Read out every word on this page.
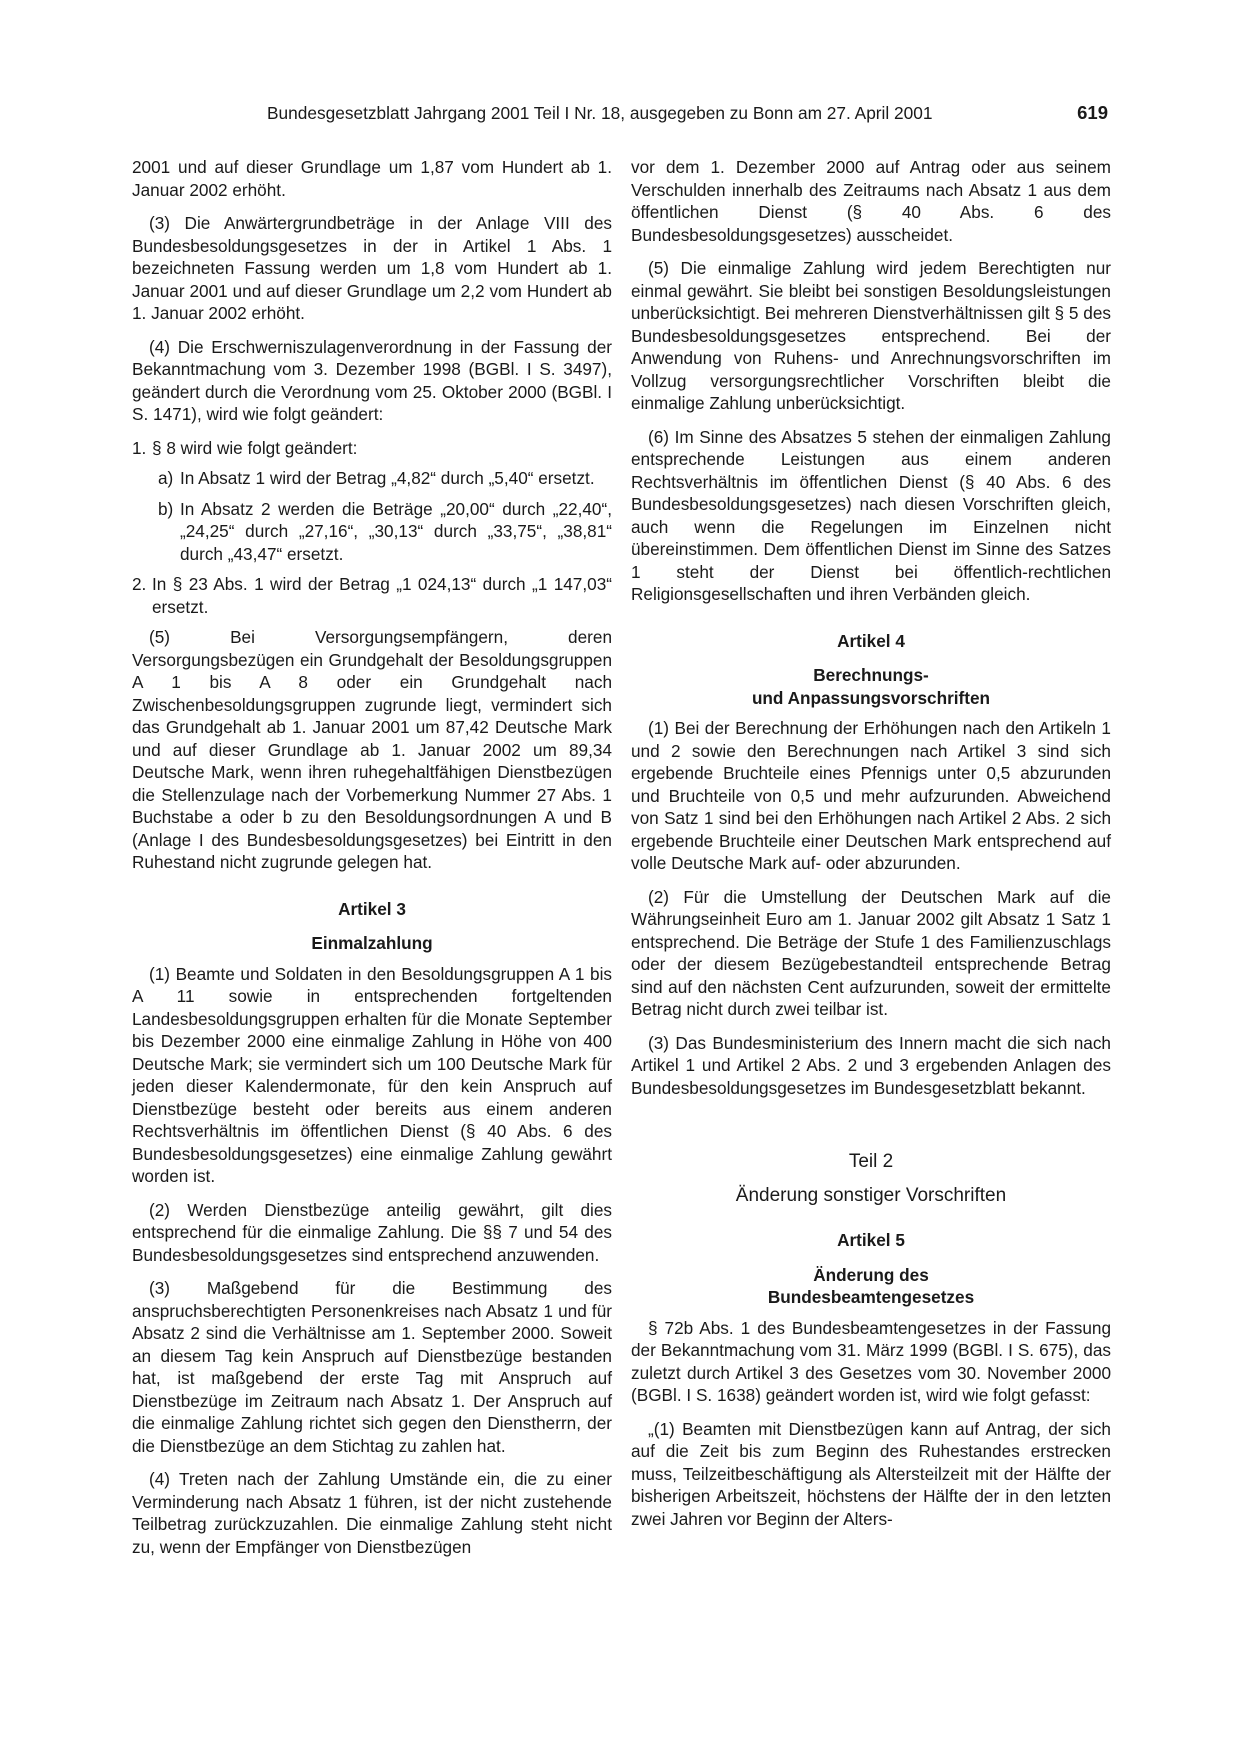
Bundesgesetzblatt Jahrgang 2001 Teil I Nr. 18, ausgegeben zu Bonn am 27. April 2001	619

2001 und auf dieser Grundlage um 1,87 vom Hundert ab 1. Januar 2002 erhöht.

(3) Die Anwärtergrundbeträge in der Anlage VIII des Bundesbesoldungsgesetzes in der in Artikel 1 Abs. 1 bezeichneten Fassung werden um 1,8 vom Hundert ab 1. Januar 2001 und auf dieser Grundlage um 2,2 vom Hundert ab 1. Januar 2002 erhöht.

(4) Die Erschwerniszulagenverordnung in der Fassung der Bekanntmachung vom 3. Dezember 1998 (BGBl. I S. 3497), geändert durch die Verordnung vom 25. Oktober 2000 (BGBl. I S. 1471), wird wie folgt geändert:

1. § 8 wird wie folgt geändert:
a) In Absatz 1 wird der Betrag „4,82“ durch „5,40“ ersetzt.
b) In Absatz 2 werden die Beträge „20,00“ durch „22,40“, „24,25“ durch „27,16“, „30,13“ durch „33,75“, „38,81“ durch „43,47“ ersetzt.
2. In § 23 Abs. 1 wird der Betrag „1 024,13“ durch „1 147,03“ ersetzt.

(5) Bei Versorgungsempfängern, deren Versorgungsbezügen ein Grundgehalt der Besoldungsgruppen A 1 bis A 8 oder ein Grundgehalt nach Zwischenbesoldungsgruppen zugrunde liegt, vermindert sich das Grundgehalt ab 1. Januar 2001 um 87,42 Deutsche Mark und auf dieser Grundlage ab 1. Januar 2002 um 89,34 Deutsche Mark, wenn ihren ruhegehaltfähigen Dienstbezügen die Stellenzulage nach der Vorbemerkung Nummer 27 Abs. 1 Buchstabe a oder b zu den Besoldungsordnungen A und B (Anlage I des Bundesbesoldungsgesetzes) bei Eintritt in den Ruhestand nicht zugrunde gelegen hat.

Artikel 3

Einmalzahlung

(1) Beamte und Soldaten in den Besoldungsgruppen A 1 bis A 11 sowie in entsprechenden fortgeltenden Landesbesoldungsgruppen erhalten für die Monate September bis Dezember 2000 eine einmalige Zahlung in Höhe von 400 Deutsche Mark; sie vermindert sich um 100 Deutsche Mark für jeden dieser Kalendermonate, für den kein Anspruch auf Dienstbezüge besteht oder bereits aus einem anderen Rechtsverhältnis im öffentlichen Dienst (§ 40 Abs. 6 des Bundesbesoldungsgesetzes) eine einmalige Zahlung gewährt worden ist.

(2) Werden Dienstbezüge anteilig gewährt, gilt dies entsprechend für die einmalige Zahlung. Die §§ 7 und 54 des Bundesbesoldungsgesetzes sind entsprechend anzuwenden.

(3) Maßgebend für die Bestimmung des anspruchsberechtigten Personenkreises nach Absatz 1 und für Absatz 2 sind die Verhältnisse am 1. September 2000. Soweit an diesem Tag kein Anspruch auf Dienstbezüge bestanden hat, ist maßgebend der erste Tag mit Anspruch auf Dienstbezüge im Zeitraum nach Absatz 1. Der Anspruch auf die einmalige Zahlung richtet sich gegen den Dienstherrn, der die Dienstbezüge an dem Stichtag zu zahlen hat.

(4) Treten nach der Zahlung Umstände ein, die zu einer Verminderung nach Absatz 1 führen, ist der nicht zustehende Teilbetrag zurückzuzahlen. Die einmalige Zahlung steht nicht zu, wenn der Empfänger von Dienstbezügen

vor dem 1. Dezember 2000 auf Antrag oder aus seinem Verschulden innerhalb des Zeitraums nach Absatz 1 aus dem öffentlichen Dienst (§ 40 Abs. 6 des Bundesbesoldungsgesetzes) ausscheidet.

(5) Die einmalige Zahlung wird jedem Berechtigten nur einmal gewährt. Sie bleibt bei sonstigen Besoldungsleistungen unberücksichtigt. Bei mehreren Dienstverhältnissen gilt § 5 des Bundesbesoldungsgesetzes entsprechend. Bei der Anwendung von Ruhens- und Anrechnungsvorschriften im Vollzug versorgungsrechtlicher Vorschriften bleibt die einmalige Zahlung unberücksichtigt.

(6) Im Sinne des Absatzes 5 stehen der einmaligen Zahlung entsprechende Leistungen aus einem anderen Rechtsverhältnis im öffentlichen Dienst (§ 40 Abs. 6 des Bundesbesoldungsgesetzes) nach diesen Vorschriften gleich, auch wenn die Regelungen im Einzelnen nicht übereinstimmen. Dem öffentlichen Dienst im Sinne des Satzes 1 steht der Dienst bei öffentlich-rechtlichen Religionsgesellschaften und ihren Verbänden gleich.

Artikel 4

Berechnungs-

und Anpassungsvorschriften

(1) Bei der Berechnung der Erhöhungen nach den Artikeln 1 und 2 sowie den Berechnungen nach Artikel 3 sind sich ergebende Bruchteile eines Pfennigs unter 0,5 abzurunden und Bruchteile von 0,5 und mehr aufzurunden. Abweichend von Satz 1 sind bei den Erhöhungen nach Artikel 2 Abs. 2 sich ergebende Bruchteile einer Deutschen Mark entsprechend auf volle Deutsche Mark auf- oder abzurunden.

(2) Für die Umstellung der Deutschen Mark auf die Währungseinheit Euro am 1. Januar 2002 gilt Absatz 1 Satz 1 entsprechend. Die Beträge der Stufe 1 des Familienzuschlags oder der diesem Bezügebestandteil entsprechende Betrag sind auf den nächsten Cent aufzurunden, soweit der ermittelte Betrag nicht durch zwei teilbar ist.

(3) Das Bundesministerium des Innern macht die sich nach Artikel 1 und Artikel 2 Abs. 2 und 3 ergebenden Anlagen des Bundesbesoldungsgesetzes im Bundesgesetzblatt bekannt.

Teil 2

Änderung sonstiger Vorschriften

Artikel 5

Änderung des

Bundesbeamtengesetzes

§ 72b Abs. 1 des Bundesbeamtengesetzes in der Fassung der Bekanntmachung vom 31. März 1999 (BGBl. I S. 675), das zuletzt durch Artikel 3 des Gesetzes vom 30. November 2000 (BGBl. I S. 1638) geändert worden ist, wird wie folgt gefasst:

„(1) Beamten mit Dienstbezügen kann auf Antrag, der sich auf die Zeit bis zum Beginn des Ruhestandes erstrecken muss, Teilzeitbeschäftigung als Altersteilzeit mit der Hälfte der bisherigen Arbeitszeit, höchstens der Hälfte der in den letzten zwei Jahren vor Beginn der Alters-
